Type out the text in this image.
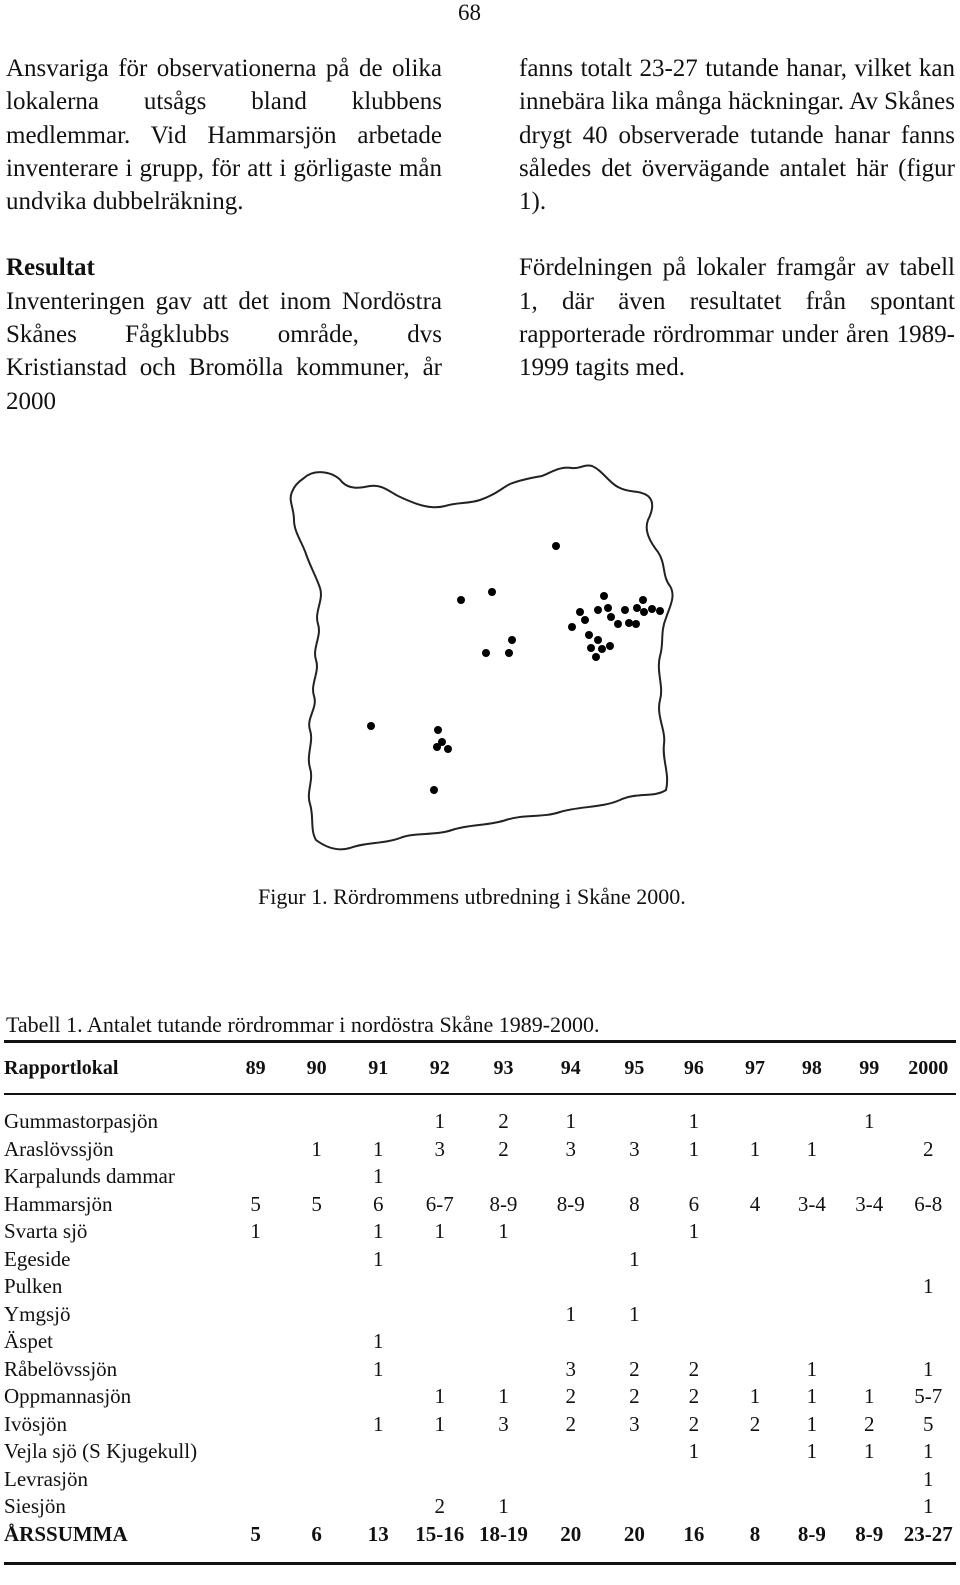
68

Ansvariga för observationerna på de olika lokalerna utsågs bland klubbens medlemmar. Vid Hammarsjön arbetade inventerare i grupp, för att i görligaste mån undvika dubbelräkning.

Resultat

Inventeringen gav att det inom Nordöstra Skånes Fågklubbs område, dvs Kristianstad och Bromölla kommuner, år 2000

fanns totalt 23-27 tutande hanar, vilket kan innebära lika många häckningar. Av Skånes drygt 40 observerade tutande hanar fanns således det övervägande antalet här (figur 1).

Fördelningen på lokaler framgår av tabell 1, där även resultatet från spontant rapporterade rördrommar under åren 1989-1999 tagits med.

Figur 1. Rördrommens utbredning i Skåne 2000.

Tabell 1. Antalet tutande rördrommar i nordöstra Skåne 1989-2000.

Rapportlokal	89	90	91	92	93	94	95	96	97	98	99	2000

Gummastorpasjön				1	2	1		1			1	
Araslövssjön		1	1	3	2	3	3	1	1	1		2
Karpalunds dammar			1									
Hammarsjön	5	5	6	6-7	8-9	8-9	8	6	4	3-4	3-4	6-8
Svarta sjö	1		1	1	1			1				
Egeside			1				1					
Pulken												1
Ymgsjö						1	1					
Äspet			1									
Råbelövssjön			1			3	2	2		1		1
Oppmannasjön				1	1	2	2	2	1	1	1	5-7
Ivösjön			1	1	3	2	3	2	2	1	2	5
Vejla sjö (S Kjugekull)								1		1	1	1
Levrasjön												1
Siesjön				2	1							1
ÅRSSUMMA	5	6	13	15-16	18-19	20	20	16	8	8-9	8-9	23-27
